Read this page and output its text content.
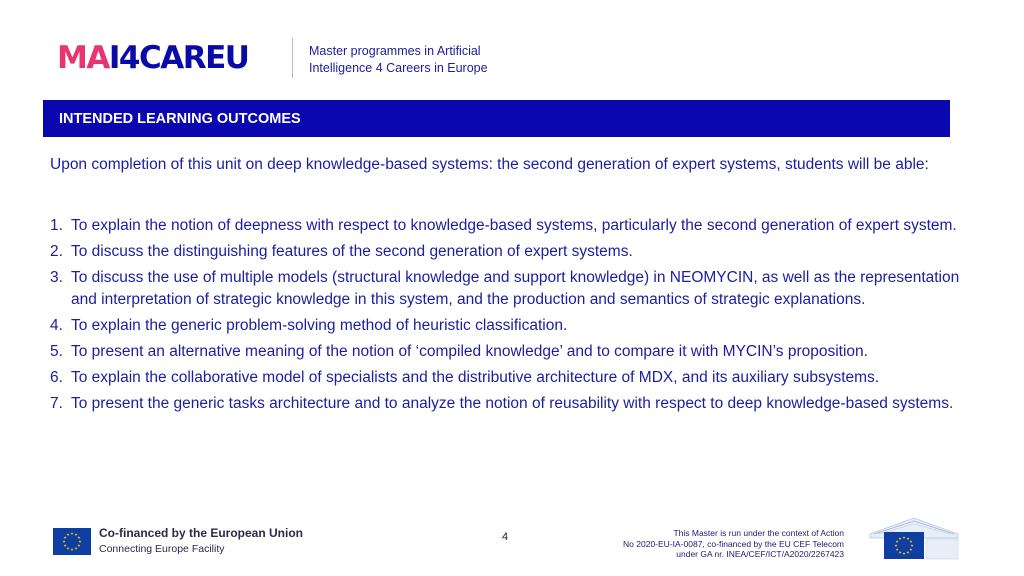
MA I4CAR EU	Master programmes in Artificial
Intelligence 4 Careers in Europe
INTENDED LEARNING OUTCOMES

Upon completion of this unit on deep knowledge-based systems: the second generation of expert systems, students will be able:

1. To explain the notion of deepness with respect to knowledge-based systems, particularly the second generation of expert system.
2. To discuss the distinguishing features of the second generation of expert systems.
3. To discuss the use of multiple models (structural knowledge and support knowledge) in NEOMYCIN, as well as the representation and interpretation of strategic knowledge in this system, and the production and semantics of strategic explanations.
4. To explain the generic problem-solving method of heuristic classification.
5. To present an alternative meaning of the notion of ‘compiled knowledge’ and to compare it with MYCIN’s proposition.
6. To explain the collaborative model of specialists and the distributive architecture of MDX, and its auxiliary subsystems.
7. To present the generic tasks architecture and to analyze the notion of reusability with respect to deep knowledge-based systems.
Co-financed by the European Union
Connecting Europe Facility
4	This Master is run under the context of Action
No 2020-EU-IA-0087, co-financed by the EU CEF Telecom
under GA nr. INEA/CEF/ICT/A2020/2267423
